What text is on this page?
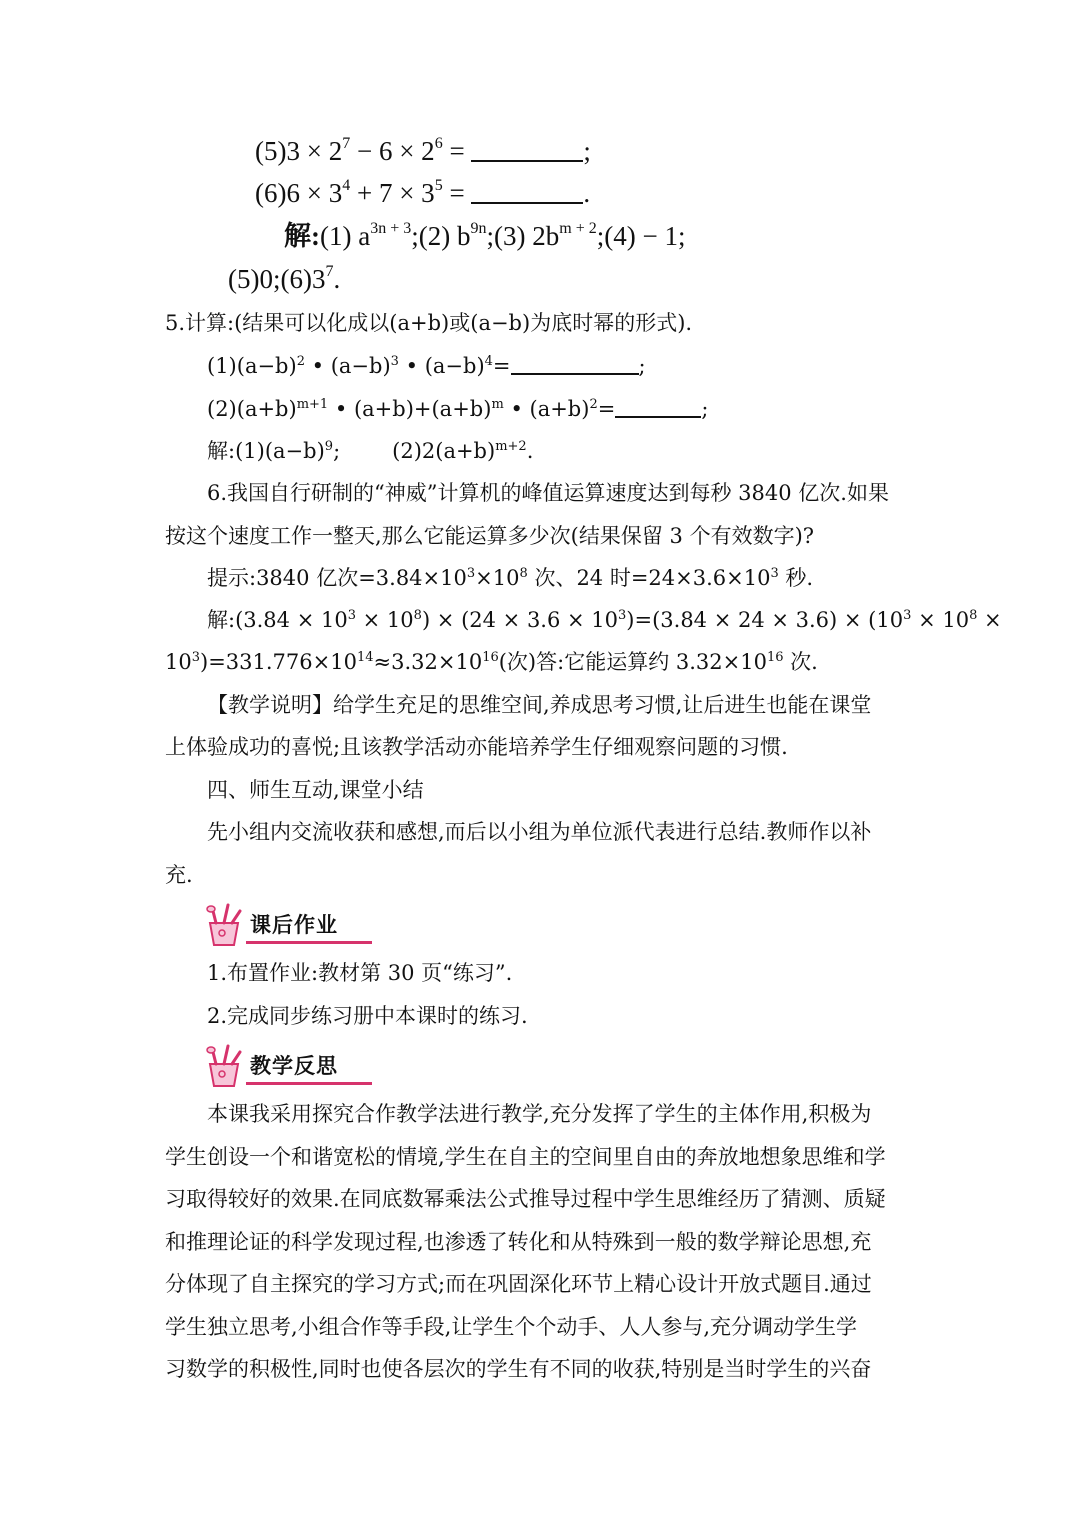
$(5)3 \times 2^7 - 6 \times 2^6$ =	;
$(6)6 \times 3^4 + 7 \times 3^5$ =	.
解:(1) $a^{3n + 3};(2)$ $b^{9n};(3)$ $2b^{m + 2};(4) - 1$;
$(5)0;(6)3^7$.
5.计算:(结果可以化成以(a+b)或(a−b)为底时幂的形式).
$(1)(a-b)^2$ • $(a-b)^3$ • $(a-b)^4=$	;
$(2)(a+b)^{m+1}$ • $(a+b)+(a+b)^m$ • $(a+b)^2=$	;
解$:(1)(a-b)^9$; $(2)2(a+b)^{m+2}$.
6.我国自行研制的“神威”计算机的峰值运算速度达到每秒 3840 亿次.如果
按这个速度工作一整天,那么它能运算多少次(结果保留 3 个有效数字)?
提示:3840 亿次$=3.84\times 10^3\times 10^8$ 次、24 时$=24\times 3.6\times 10^3$ 秒.
解:(3.84 × $10^3 \times 10^8) \times (24 \times 3.6 \times 10^3)=(3.84 \times 24 \times 3.6) \times (10^3 \times 10^8$ ×
$10^3)=331.776\times 10^{14}\approx 3.32\times 10^{16}$(次)答:它能运算约 $3.32\times 10^{16}$ 次.
【教学说明】给学生充足的思维空间,养成思考习惯,让后进生也能在课堂
上体验成功的喜悦;且该教学活动亦能培养学生仔细观察问题的习惯.
四、师生互动,课堂小结
先小组内交流收获和感想,而后以小组为单位派代表进行总结.教师作以补
充.
课后作业
1.布置作业:教材第 30 页“练习”.
2.完成同步练习册中本课时的练习.
教学反思
本课我采用探究合作教学法进行教学,充分发挥了学生的主体作用,积极为
学生创设一个和谐宽松的情境,学生在自主的空间里自由的奔放地想象思维和学
习取得较好的效果.在同底数幂乘法公式推导过程中学生思维经历了猜测、质疑
和推理论证的科学发现过程,也渗透了转化和从特殊到一般的数学辩论思想,充
分体现了自主探究的学习方式;而在巩固深化环节上精心设计开放式题目.通过
学生独立思考,小组合作等手段,让学生个个动手、人人参与,充分调动学生学
习数学的积极性,同时也使各层次的学生有不同的收获,特别是当时学生的兴奋
